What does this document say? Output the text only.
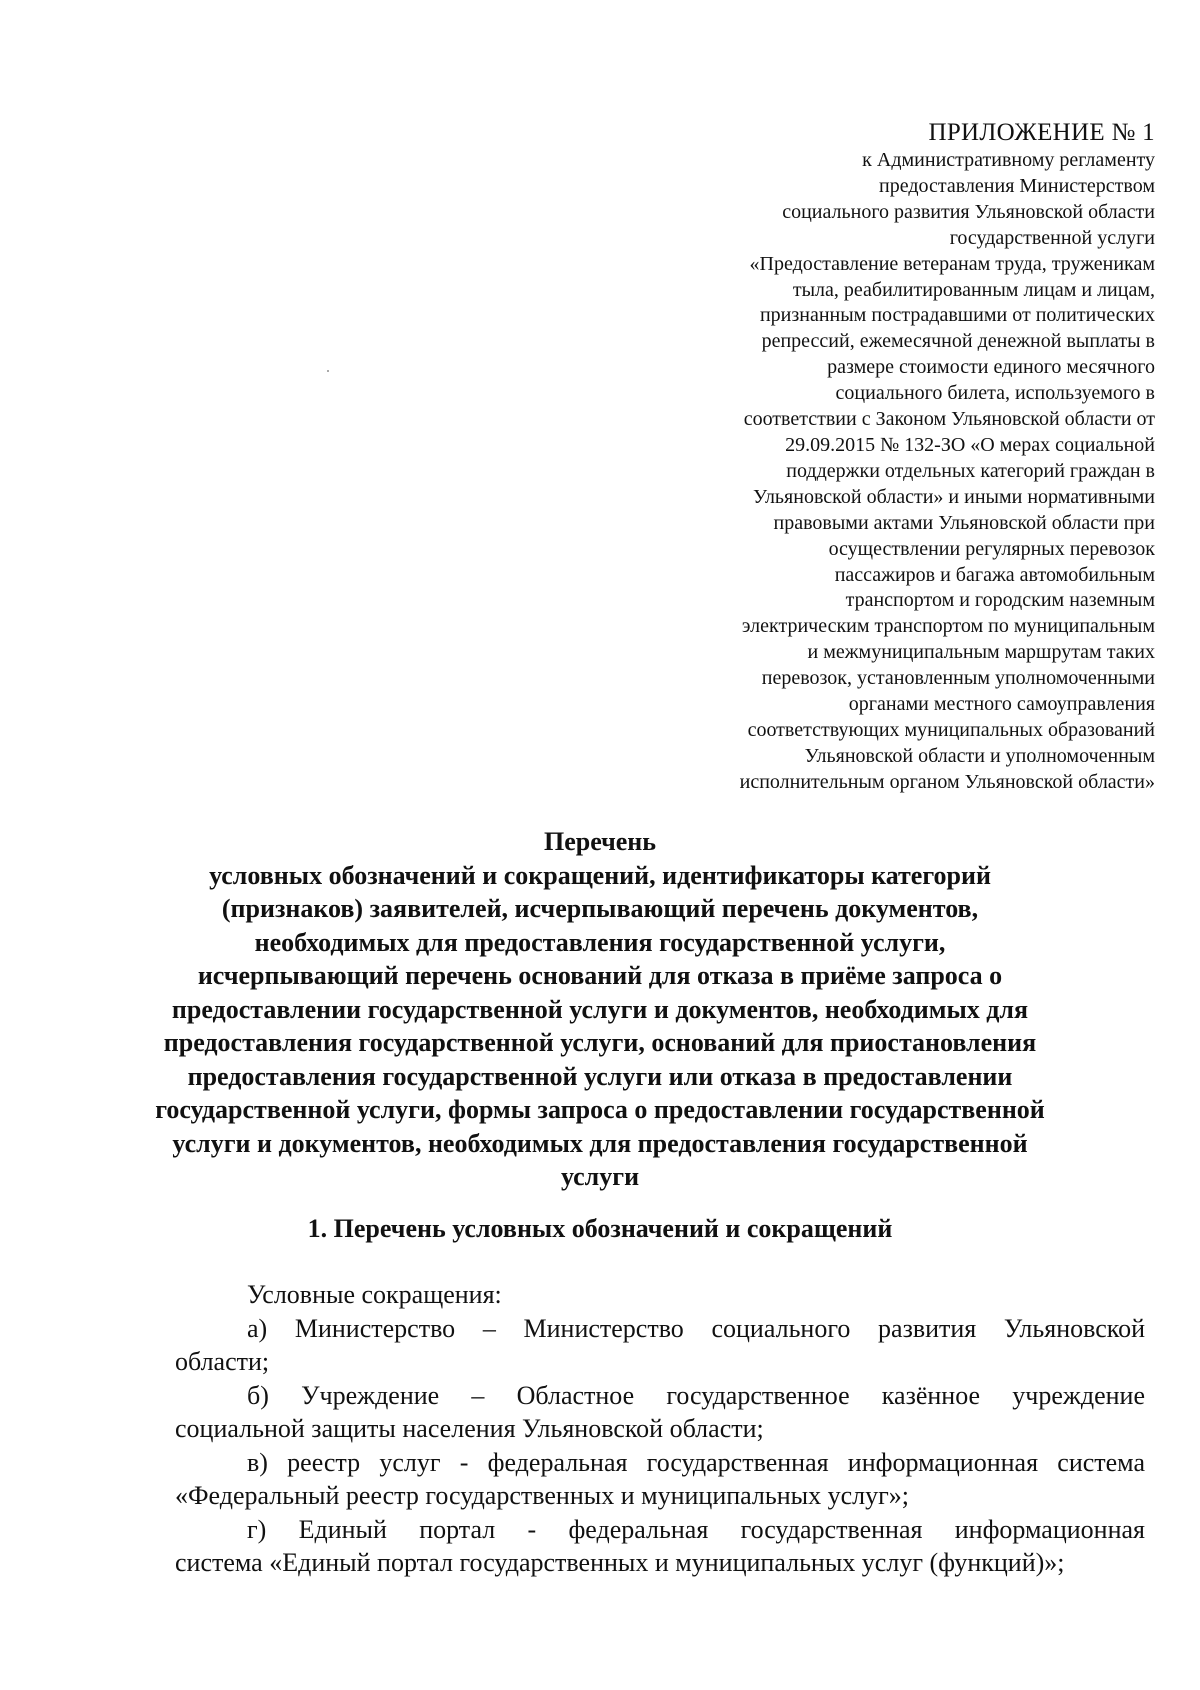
ПРИЛОЖЕНИЕ № 1
к Административному регламенту
предоставления Министерством
социального развития Ульяновской области
государственной услуги
«Предоставление ветеранам труда, труженикам
тыла, реабилитированным лицам и лицам,
признанным пострадавшими от политических
репрессий, ежемесячной денежной выплаты в
размере стоимости единого месячного
социального билета, используемого в
соответствии с Законом Ульяновской области от
29.09.2015 № 132-ЗО «О мерах социальной
поддержки отдельных категорий граждан в
Ульяновской области» и иными нормативными
правовыми актами Ульяновской области при
осуществлении регулярных перевозок
пассажиров и багажа автомобильным
транспортом и городским наземным
электрическим транспортом по муниципальным
и межмуниципальным маршрутам таких
перевозок, установленным уполномоченными
органами местного самоуправления
соответствующих муниципальных образований
Ульяновской области и уполномоченным
исполнительным органом Ульяновской области»
Перечень
условных обозначений и сокращений, идентификаторы категорий
(признаков) заявителей, исчерпывающий перечень документов,
необходимых для предоставления государственной услуги,
исчерпывающий перечень оснований для отказа в приёме запроса о
предоставлении государственной услуги и документов, необходимых для
предоставления государственной услуги, оснований для приостановления
предоставления государственной услуги или отказа в предоставлении
государственной услуги, формы запроса о предоставлении государственной
услуги и документов, необходимых для предоставления государственной
услуги
1. Перечень условных обозначений и сокращений
Условные сокращения:
а) Министерство – Министерство социального развития Ульяновской
области;
б) Учреждение – Областное государственное казённое учреждение
социальной защиты населения Ульяновской области;
в) реестр услуг - федеральная государственная информационная система
«Федеральный реестр государственных и муниципальных услуг»;
г) Единый портал - федеральная государственная информационная
система «Единый портал государственных и муниципальных услуг (функций)»;
